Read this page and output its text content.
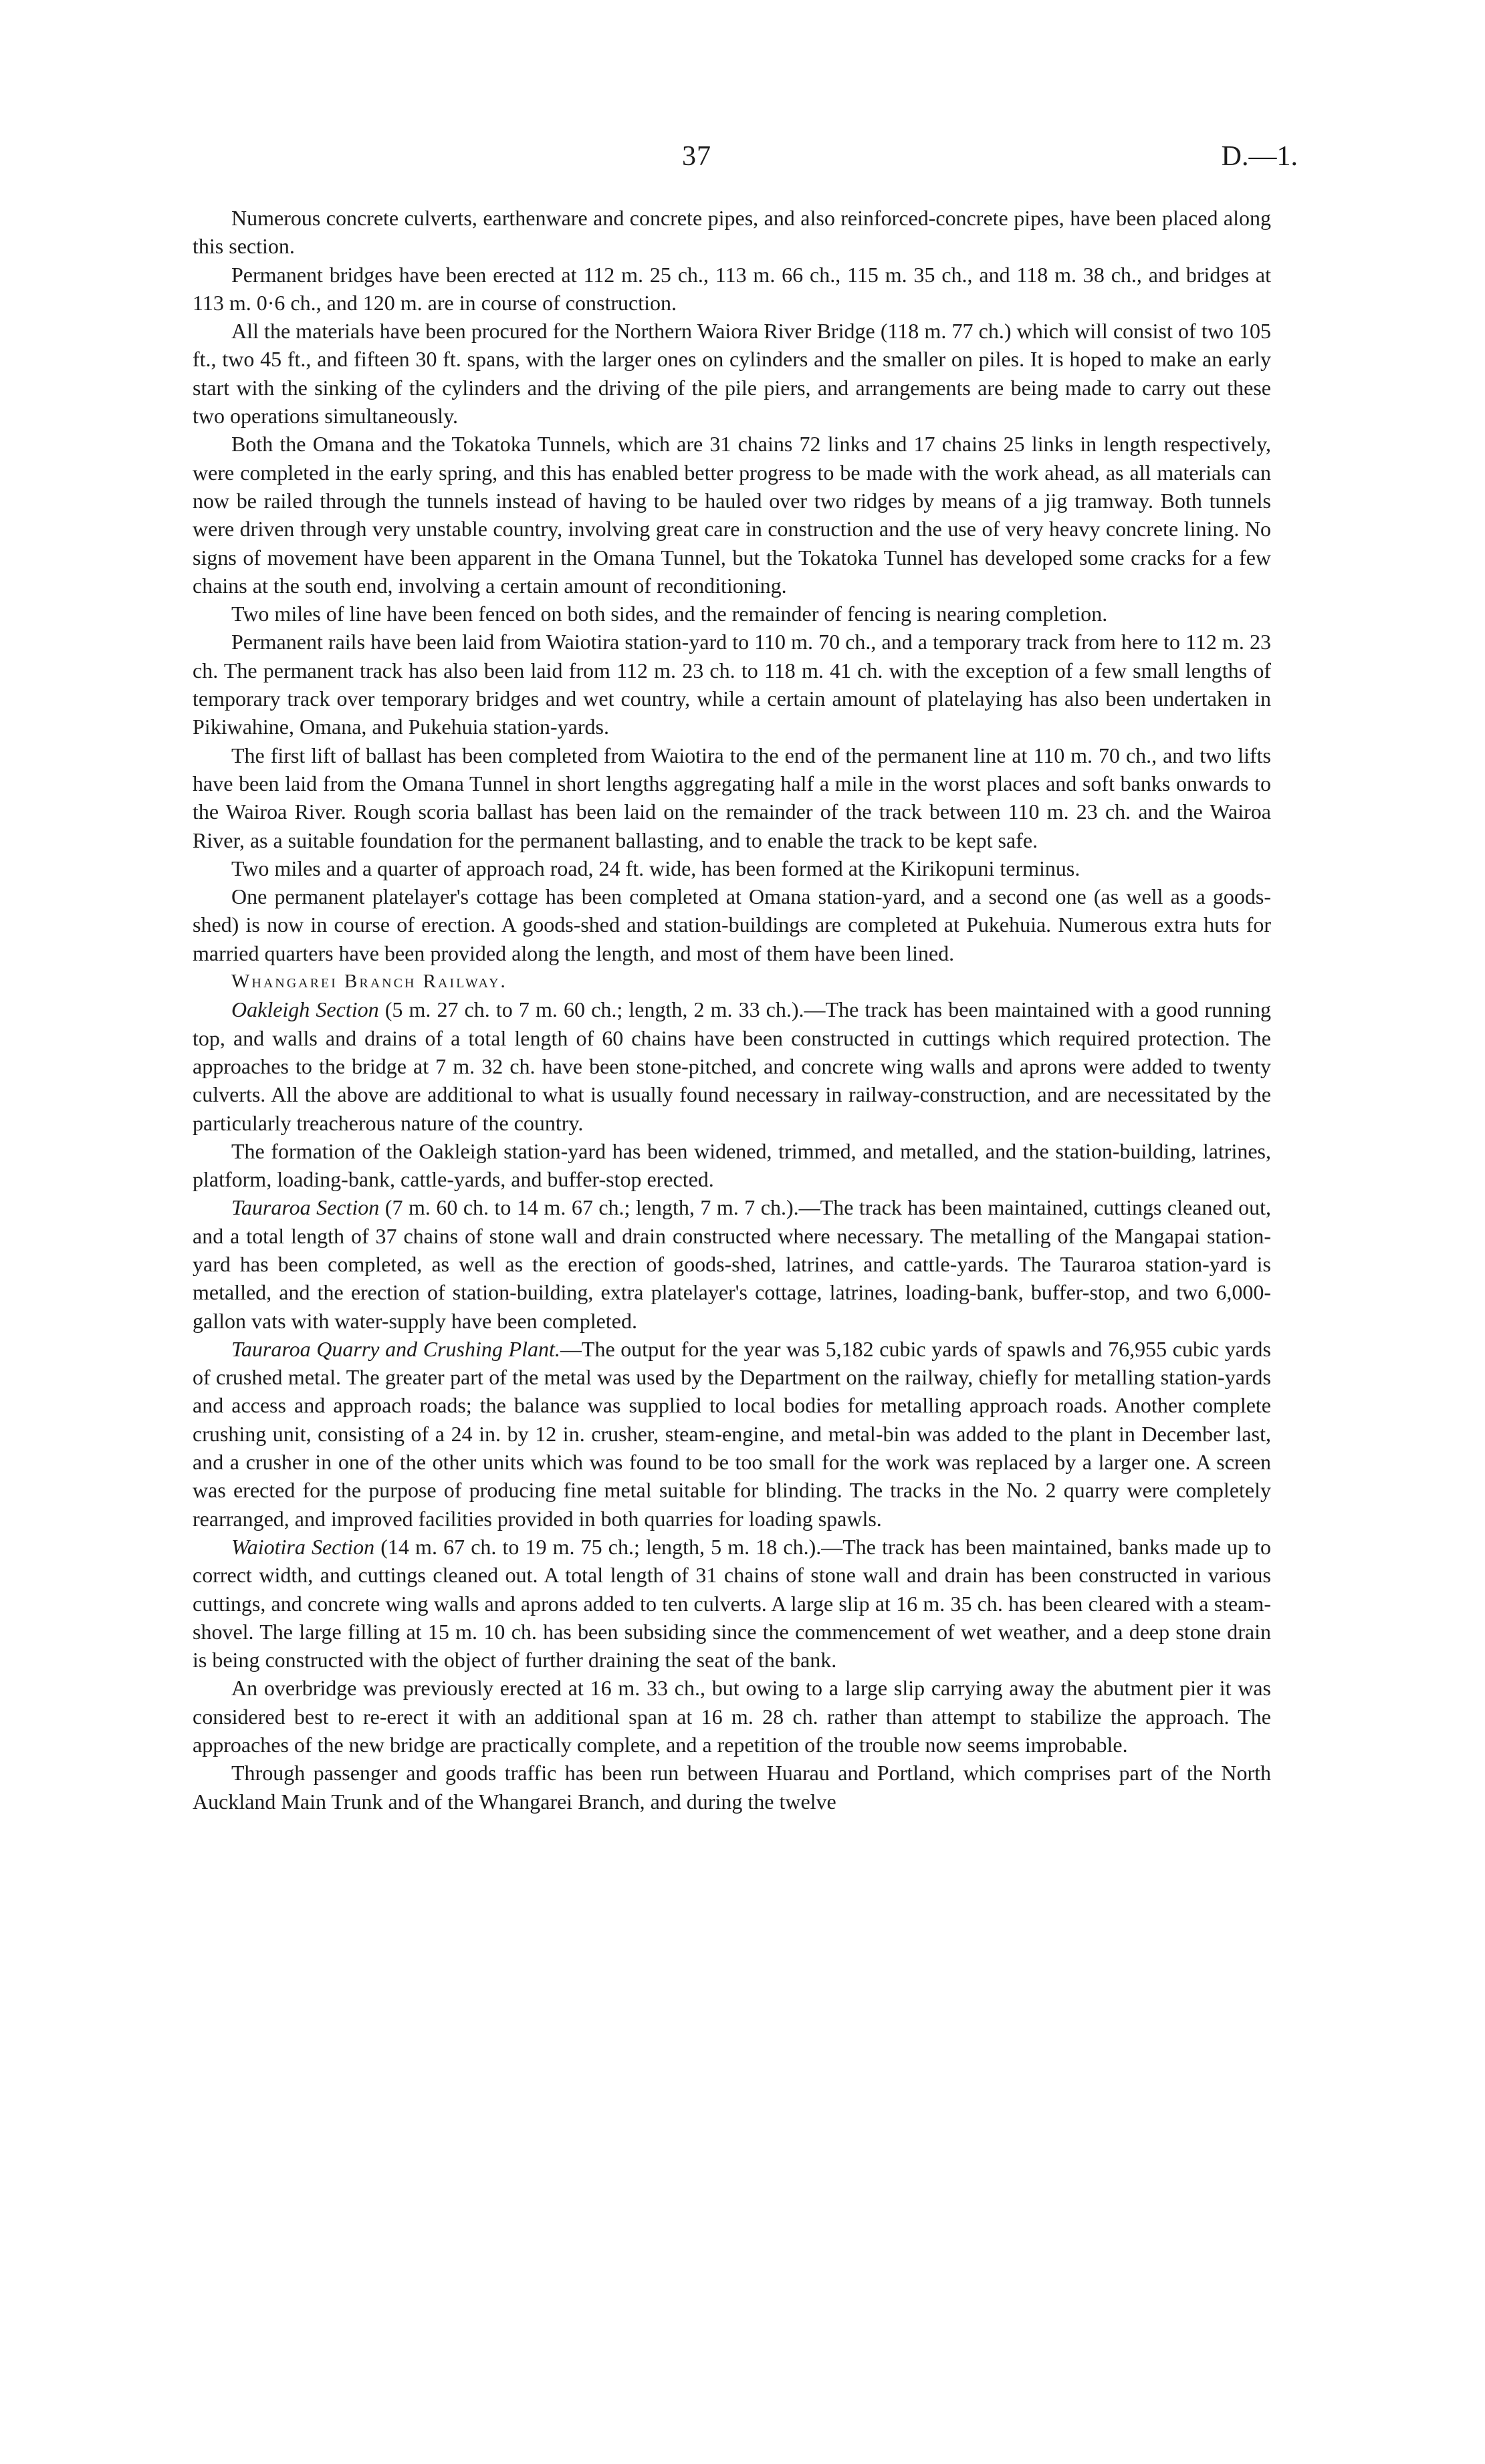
37	D.—1.

Numerous concrete culverts, earthenware and concrete pipes, and also reinforced-concrete pipes, have been placed along this section.

Permanent bridges have been erected at 112 m. 25 ch., 113 m. 66 ch., 115 m. 35 ch., and 118 m. 38 ch., and bridges at 113 m. 0·6 ch., and 120 m. are in course of construction.

All the materials have been procured for the Northern Waiora River Bridge (118 m. 77 ch.) which will consist of two 105 ft., two 45 ft., and fifteen 30 ft. spans, with the larger ones on cylinders and the smaller on piles. It is hoped to make an early start with the sinking of the cylinders and the driving of the pile piers, and arrangements are being made to carry out these two operations simultaneously.

Both the Omana and the Tokatoka Tunnels, which are 31 chains 72 links and 17 chains 25 links in length respectively, were completed in the early spring, and this has enabled better progress to be made with the work ahead, as all materials can now be railed through the tunnels instead of having to be hauled over two ridges by means of a jig tramway. Both tunnels were driven through very unstable country, involving great care in construction and the use of very heavy concrete lining. No signs of movement have been apparent in the Omana Tunnel, but the Tokatoka Tunnel has developed some cracks for a few chains at the south end, involving a certain amount of reconditioning.

Two miles of line have been fenced on both sides, and the remainder of fencing is nearing completion.

Permanent rails have been laid from Waiotira station-yard to 110 m. 70 ch., and a temporary track from here to 112 m. 23 ch. The permanent track has also been laid from 112 m. 23 ch. to 118 m. 41 ch. with the exception of a few small lengths of temporary track over temporary bridges and wet country, while a certain amount of platelaying has also been undertaken in Pikiwahine, Omana, and Pukehuia station-yards.

The first lift of ballast has been completed from Waiotira to the end of the permanent line at 110 m. 70 ch., and two lifts have been laid from the Omana Tunnel in short lengths aggregating half a mile in the worst places and soft banks onwards to the Wairoa River. Rough scoria ballast has been laid on the remainder of the track between 110 m. 23 ch. and the Wairoa River, as a suitable foundation for the permanent ballasting, and to enable the track to be kept safe.

Two miles and a quarter of approach road, 24 ft. wide, has been formed at the Kirikopuni terminus.

One permanent platelayer's cottage has been completed at Omana station-yard, and a second one (as well as a goods-shed) is now in course of erection. A goods-shed and station-buildings are completed at Pukehuia. Numerous extra huts for married quarters have been provided along the length, and most of them have been lined.

Whangarei Branch Railway.

Oakleigh Section (5 m. 27 ch. to 7 m. 60 ch.; length, 2 m. 33 ch.).—The track has been maintained with a good running top, and walls and drains of a total length of 60 chains have been constructed in cuttings which required protection. The approaches to the bridge at 7 m. 32 ch. have been stone-pitched, and concrete wing walls and aprons were added to twenty culverts. All the above are additional to what is usually found necessary in railway-construction, and are necessitated by the particularly treacherous nature of the country.

The formation of the Oakleigh station-yard has been widened, trimmed, and metalled, and the station-building, latrines, platform, loading-bank, cattle-yards, and buffer-stop erected.

Tauraroa Section (7 m. 60 ch. to 14 m. 67 ch.; length, 7 m. 7 ch.).—The track has been maintained, cuttings cleaned out, and a total length of 37 chains of stone wall and drain constructed where necessary. The metalling of the Mangapai station-yard has been completed, as well as the erection of goods-shed, latrines, and cattle-yards. The Tauraroa station-yard is metalled, and the erection of station-building, extra platelayer's cottage, latrines, loading-bank, buffer-stop, and two 6,000-gallon vats with water-supply have been completed.

Tauraroa Quarry and Crushing Plant.—The output for the year was 5,182 cubic yards of spawls and 76,955 cubic yards of crushed metal. The greater part of the metal was used by the Department on the railway, chiefly for metalling station-yards and access and approach roads; the balance was supplied to local bodies for metalling approach roads. Another complete crushing unit, consisting of a 24 in. by 12 in. crusher, steam-engine, and metal-bin was added to the plant in December last, and a crusher in one of the other units which was found to be too small for the work was replaced by a larger one. A screen was erected for the purpose of producing fine metal suitable for blinding. The tracks in the No. 2 quarry were completely rearranged, and improved facilities provided in both quarries for loading spawls.

Waiotira Section (14 m. 67 ch. to 19 m. 75 ch.; length, 5 m. 18 ch.).—The track has been maintained, banks made up to correct width, and cuttings cleaned out. A total length of 31 chains of stone wall and drain has been constructed in various cuttings, and concrete wing walls and aprons added to ten culverts. A large slip at 16 m. 35 ch. has been cleared with a steam-shovel. The large filling at 15 m. 10 ch. has been subsiding since the commencement of wet weather, and a deep stone drain is being constructed with the object of further draining the seat of the bank.

An overbridge was previously erected at 16 m. 33 ch., but owing to a large slip carrying away the abutment pier it was considered best to re-erect it with an additional span at 16 m. 28 ch. rather than attempt to stabilize the approach. The approaches of the new bridge are practically complete, and a repetition of the trouble now seems improbable.

Through passenger and goods traffic has been run between Huarau and Portland, which comprises part of the North Auckland Main Trunk and of the Whangarei Branch, and during the twelve
